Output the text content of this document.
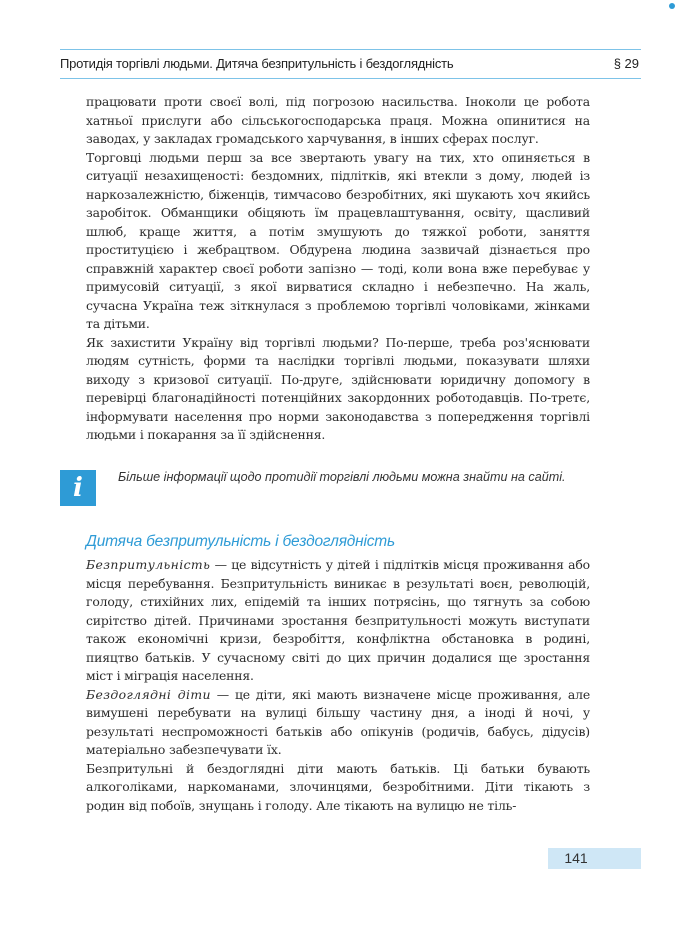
Протидія торгівлі людьми. Дитяча безпритульність і бездоглядність	§ 29

працювати проти своєї волі, під погрозою насильства. Іноколи це робота хатньої прислуги або сільськогосподарська праця. Можна опинитися на заводах, у закладах громадського харчування, в інших сферах послуг.

Торговці людьми перш за все звертають увагу на тих, хто опиняється в ситуації незахищеності: бездомних, підлітків, які втекли з дому, людей із наркозалежністю, біженців, тимчасово безробітних, які шукають хоч якийсь заробіток. Обманщики обіцяють їм працевлаштування, освіту, щасливий шлюб, краще життя, а потім змушують до тяжкої роботи, заняття проституцією і жебрацтвом. Обдурена людина зазвичай дізнається про справжній характер своєї роботи запізно — тоді, коли вона вже перебуває у примусовій ситуації, з якої вирватися складно і небезпечно. На жаль, сучасна Україна теж зіткнулася з проблемою торгівлі чоловіками, жінками та дітьми.

Як захистити Україну від торгівлі людьми? По-перше, треба роз'яснювати людям сутність, форми та наслідки торгівлі людьми, показувати шляхи виходу з кризової ситуації. По-друге, здійснювати юридичну допомогу в перевірці благонадійності потенційних закордонних роботодавців. По-третє, інформувати населення про норми законодавства з попередження торгівлі людьми і покарання за її здійснення.

i	Більше інформації щодо протидії торгівлі людьми можна знайти на сайті.
Дитяча безпритульність і бездоглядність

Безпритульність — це відсутність у дітей і підлітків місця проживання або місця перебування. Безпритульність виникає в результаті воєн, революцій, голоду, стихійних лих, епідемій та інших потрясінь, що тягнуть за собою сирітство дітей. Причинами зростання безпритульності можуть виступати також економічні кризи, безробіття, конфліктна обстановка в родині, пияцтво батьків. У сучасному світі до цих причин додалися ще зростання міст і міграція населення.

Бездоглядні діти — це діти, які мають визначене місце проживання, але вимушені перебувати на вулиці більшу частину дня, а іноді й ночі, у результаті неспроможності батьків або опікунів (родичів, бабусь, дідусів) матеріально забезпечувати їх.

Безпритульні й бездоглядні діти мають батьків. Ці батьки бувають алкоголіками, наркоманами, злочинцями, безробітними. Діти тікають з родин від побоїв, знущань і голоду. Але тікають на вулицю не тіль-

141
